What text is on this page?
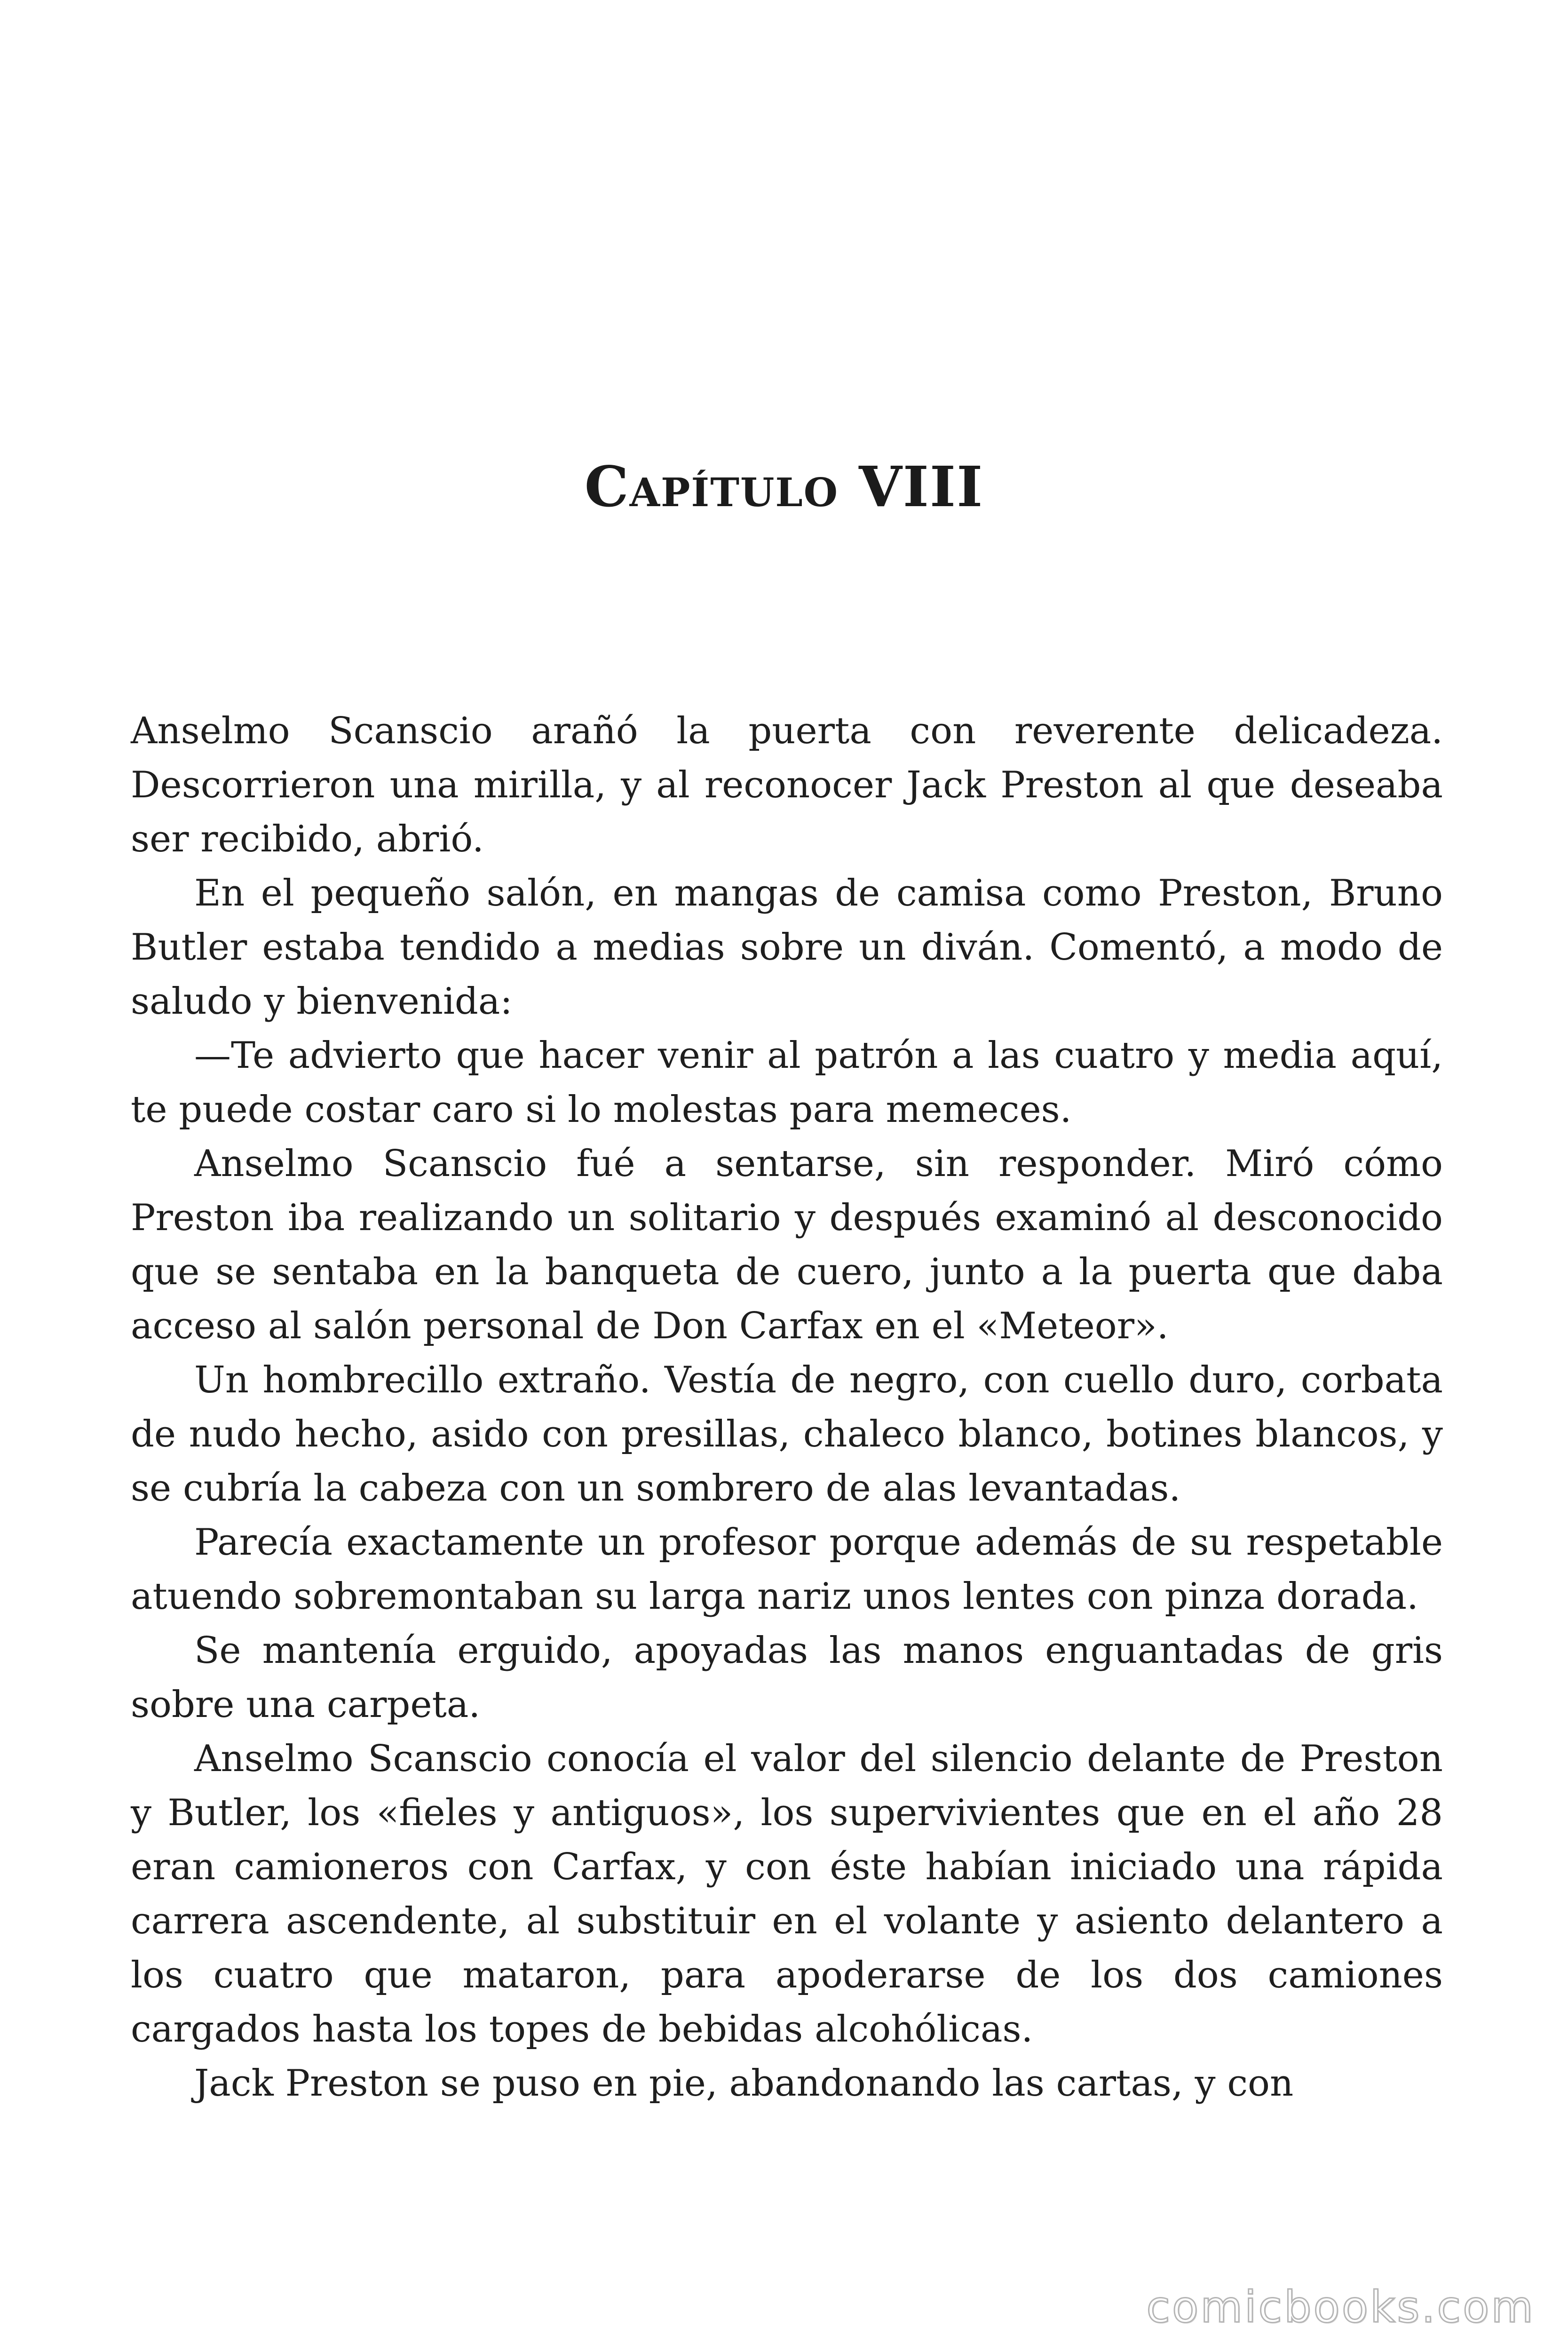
Capítulo VIII

Anselmo Scanscio arañó la puerta con reverente delicadeza. Descorrieron una mirilla, y al reconocer Jack Preston al que deseaba ser recibido, abrió.

En el pequeño salón, en mangas de camisa como Preston, Bruno Butler estaba tendido a medias sobre un diván. Comentó, a modo de saludo y bienvenida:

—Te advierto que hacer venir al patrón a las cuatro y media aquí, te puede costar caro si lo molestas para memeces.

Anselmo Scanscio fué a sentarse, sin responder. Miró cómo Preston iba realizando un solitario y después examinó al desconocido que se sentaba en la banqueta de cuero, junto a la puerta que daba acceso al salón personal de Don Carfax en el «Meteor».

Un hombrecillo extraño. Vestía de negro, con cuello duro, corbata de nudo hecho, asido con presillas, chaleco blanco, botines blancos, y se cubría la cabeza con un sombrero de alas levantadas.

Parecía exactamente un profesor porque además de su respetable atuendo sobremontaban su larga nariz unos lentes con pinza dorada.

Se mantenía erguido, apoyadas las manos enguantadas de gris sobre una carpeta.

Anselmo Scanscio conocía el valor del silencio delante de Preston y Butler, los «fieles y antiguos», los supervivientes que en el año 28 eran camioneros con Carfax, y con éste habían iniciado una rápida carrera ascendente, al substituir en el volante y asiento delantero a los cuatro que mataron, para apoderarse de los dos camiones cargados hasta los topes de bebidas alcohólicas.

Jack Preston se puso en pie, abandonando las cartas, y con

comicbooks.com
